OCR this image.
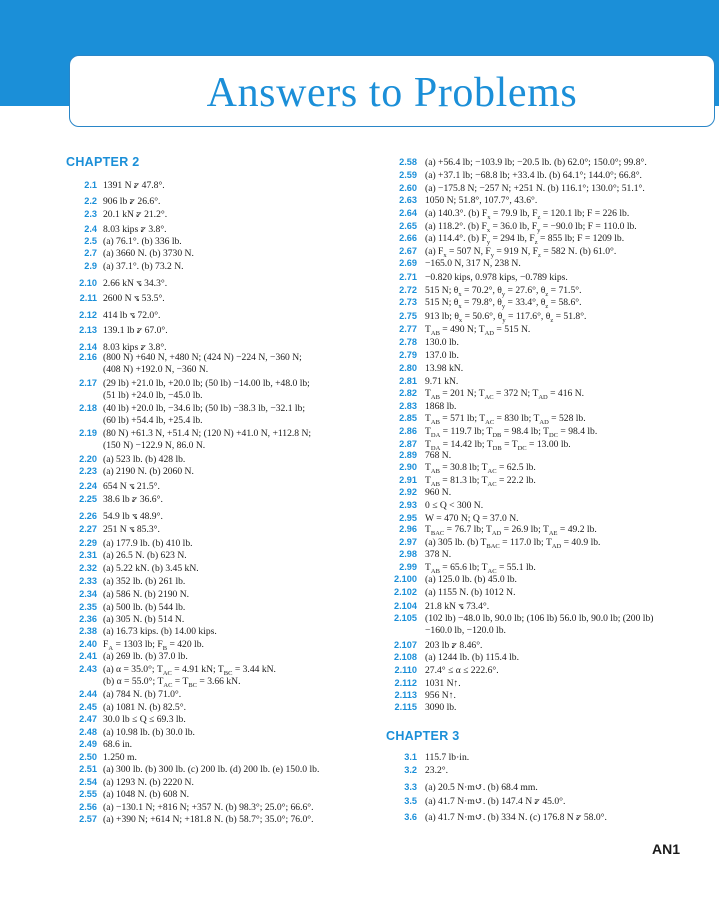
Answers to Problems
CHAPTER 2
2.1 1391 N ⦫ 47.8°.
2.2 906 lb ⦫ 26.6°.
2.3 20.1 kN ⦫ 21.2°.
2.4 8.03 kips ⦫ 3.8°.
2.5 (a) 76.1°. (b) 336 lb.
2.7 (a) 3660 N. (b) 3730 N.
2.9 (a) 37.1°. (b) 73.2 N.
2.10 2.66 kN ⦪ 34.3°.
2.11 2600 N ⦪ 53.5°.
2.12 414 lb ⦪ 72.0°.
2.13 139.1 lb ⦫ 67.0°.
2.14 8.03 kips ⦫ 3.8°.
2.16 (800 N) +640 N, +480 N; (424 N) −224 N, −360 N;
(408 N) +192.0 N, −360 N.
2.17 (29 lb) +21.0 lb, +20.0 lb; (50 lb) −14.00 lb, +48.0 lb;
(51 lb) +24.0 lb, −45.0 lb.
2.18 (40 lb) +20.0 lb, −34.6 lb; (50 lb) −38.3 lb, −32.1 lb;
(60 lb) +54.4 lb, +25.4 lb.
2.19 (80 N) +61.3 N, +51.4 N; (120 N) +41.0 N, +112.8 N;
(150 N) −122.9 N, 86.0 N.
2.20 (a) 523 lb. (b) 428 lb.
2.23 (a) 2190 N. (b) 2060 N.
2.24 654 N ⦪ 21.5°.
2.25 38.6 lb ⦫ 36.6°.
2.26 54.9 lb ⦪ 48.9°.
2.27 251 N ⦪ 85.3°.
2.29 (a) 177.9 lb. (b) 410 lb.
2.31 (a) 26.5 N. (b) 623 N.
2.32 (a) 5.22 kN. (b) 3.45 kN.
2.33 (a) 352 lb. (b) 261 lb.
2.34 (a) 586 N. (b) 2190 N.
2.35 (a) 500 lb. (b) 544 lb.
2.36 (a) 305 N. (b) 514 N.
2.38 (a) 16.73 kips. (b) 14.00 kips.
2.40 $F_A = 1303$ lb; $F_B = 420$ lb.
2.41 (a) 269 lb. (b) 37.0 lb.
2.43 (a) α = 35.0°; $T_{AC} = 4.91$ kN; $T_{BC} = 3.44$ kN.
(b) α = 55.0°; $T_{AC} = T_{BC} = 3.66$ kN.
2.44 (a) 784 N. (b) 71.0°.
2.45 (a) 1081 N. (b) 82.5°.
2.47 30.0 lb ≤ Q ≤ 69.3 lb.
2.48 (a) 10.98 lb. (b) 30.0 lb.
2.49 68.6 in.
2.50 1.250 m.
2.51 (a) 300 lb. (b) 300 lb. (c) 200 lb. (d) 200 lb. (e) 150.0 lb.
2.54 (a) 1293 N. (b) 2220 N.
2.55 (a) 1048 N. (b) 608 N.
2.56 (a) −130.1 N; +816 N; +357 N. (b) 98.3°; 25.0°; 66.6°.
2.57 (a) +390 N; +614 N; +181.8 N. (b) 58.7°; 35.0°; 76.0°.
2.58 (a) +56.4 lb; −103.9 lb; −20.5 lb. (b) 62.0°; 150.0°; 99.8°.
2.59 (a) +37.1 lb; −68.8 lb; +33.4 lb. (b) 64.1°; 144.0°; 66.8°.
2.60 (a) −175.8 N; −257 N; +251 N. (b) 116.1°; 130.0°; 51.1°.
2.63 1050 N; 51.8°, 107.7°, 43.6°.
2.64 (a) 140.3°. (b) $F_x = 79.9$ lb, $F_z = 120.1$ lb; F = 226 lb.
2.65 (a) 118.2°. (b) $F_x = 36.0$ lb, $F_y = -90.0$ lb; F = 110.0 lb.
2.66 (a) 114.4°. (b) $F_y = 294$ lb, $F_z = 855$ lb; F = 1209 lb.
2.67 (a) $F_x = 507$ N, $F_y = 919$ N, $F_z = 582$ N. (b) 61.0°.
2.69 −165.0 N, 317 N, 238 N.
2.71 −0.820 kips, 0.978 kips, −0.789 kips.
2.72 515 N; $\theta_x = 70.2^\circ$, $\theta_y = 27.6^\circ$, $\theta_z = 71.5^\circ$.
2.73 515 N; $\theta_x = 79.8^\circ$, $\theta_y = 33.4^\circ$, $\theta_z = 58.6^\circ$.
2.75 913 lb; $\theta_x = 50.6^\circ$, $\theta_y = 117.6^\circ$, $\theta_z = 51.8^\circ$.
2.77 $T_{AB} = 490$ N; $T_{AD} = 515$ N.
2.78 130.0 lb.
2.79 137.0 lb.
2.80 13.98 kN.
2.81 9.71 kN.
2.82 $T_{AB} = 201$ N; $T_{AC} = 372$ N; $T_{AD} = 416$ N.
2.83 1868 lb.
2.85 $T_{AB} = 571$ lb; $T_{AC} = 830$ lb; $T_{AD} = 528$ lb.
2.86 $T_{DA} = 119.7$ lb; $T_{DB} = 98.4$ lb; $T_{DC} = 98.4$ lb.
2.87 $T_{DA} = 14.42$ lb; $T_{DB} = T_{DC} = 13.00$ lb.
2.89 768 N.
2.90 $T_{AB} = 30.8$ lb; $T_{AC} = 62.5$ lb.
2.91 $T_{AB} = 81.3$ lb; $T_{AC} = 22.2$ lb.
2.92 960 N.
2.93 0 ≤ Q < 300 N.
2.95 W = 470 N; Q = 37.0 N.
2.96 $T_{BAC} = 76.7$ lb; $T_{AD} = 26.9$ lb; $T_{AE} = 49.2$ lb.
2.97 (a) 305 lb. (b) $T_{BAC} = 117.0$ lb; $T_{AD} = 40.9$ lb.
2.98 378 N.
2.99 $T_{AB} = 65.6$ lb; $T_{AC} = 55.1$ lb.
2.100 (a) 125.0 lb. (b) 45.0 lb.
2.102 (a) 1155 N. (b) 1012 N.
2.104 21.8 kN ⦪ 73.4°.
2.105 (102 lb) −48.0 lb, 90.0 lb; (106 lb) 56.0 lb, 90.0 lb; (200 lb)
−160.0 lb, −120.0 lb.
2.107 203 lb ⦫ 8.46°.
2.108 (a) 1244 lb. (b) 115.4 lb.
2.110 27.4° ≤ α ≤ 222.6°.
2.112 1031 N↑.
2.113 956 N↑.
2.115 3090 lb.
CHAPTER 3
3.1 115.7 lb·in.
3.2 23.2°.
3.3 (a) 20.5 N·m↺. (b) 68.4 mm.
3.5 (a) 41.7 N·m↺. (b) 147.4 N ⦫ 45.0°.
3.6 (a) 41.7 N·m↺. (b) 334 N. (c) 176.8 N ⦫ 58.0°.
AN1
